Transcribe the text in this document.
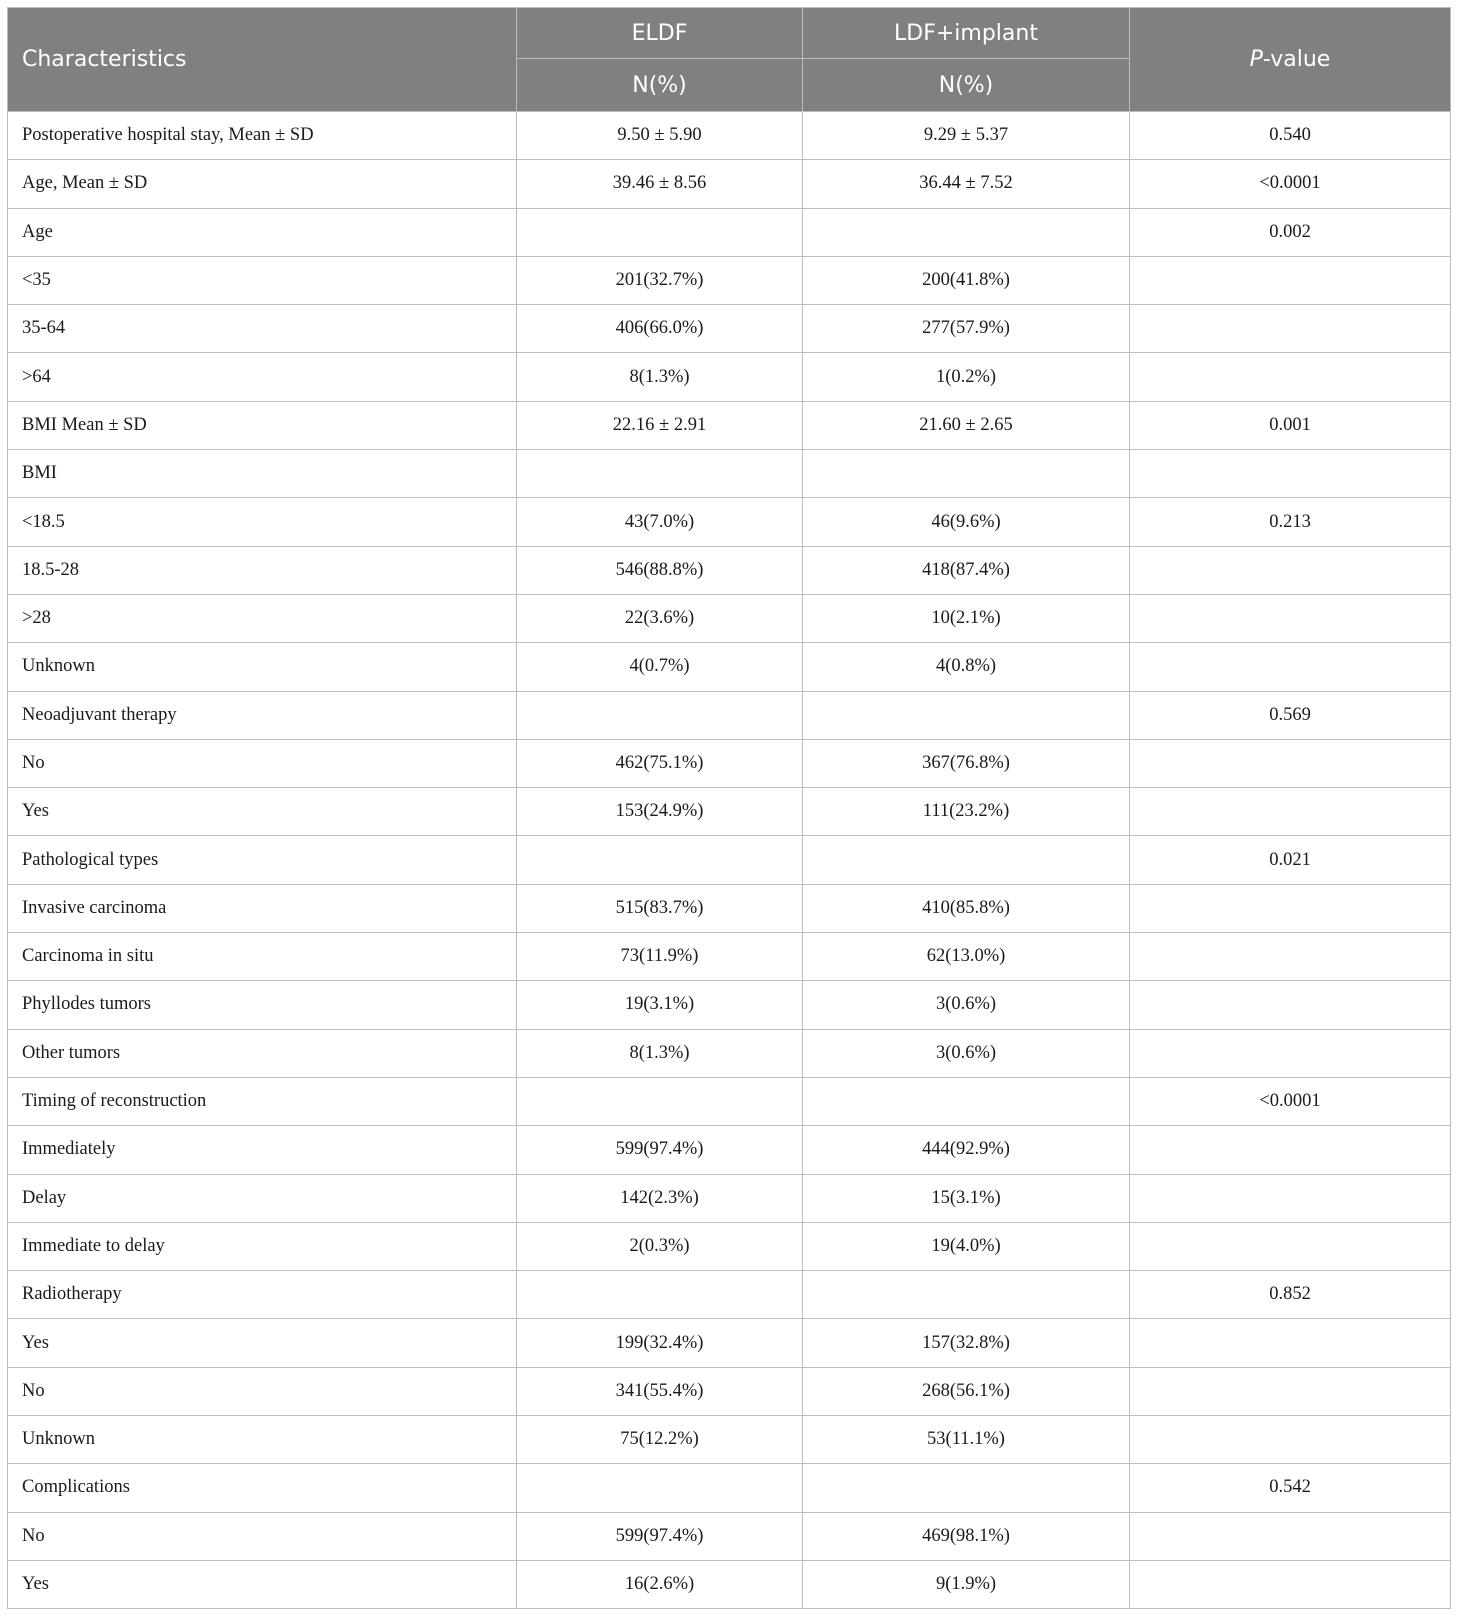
Characteristics	ELDF	LDF+implant	P-value
	N(%)	N(%)	
Postoperative hospital stay, Mean ± SD	9.50 ± 5.90	9.29 ± 5.37	0.540
Age, Mean ± SD	39.46 ± 8.56	36.44 ± 7.52	<0.0001
Age			0.002
<35	201(32.7%)	200(41.8%)	
35-64	406(66.0%)	277(57.9%)	
>64	8(1.3%)	1(0.2%)	
BMI Mean ± SD	22.16 ± 2.91	21.60 ± 2.65	0.001
BMI			
<18.5	43(7.0%)	46(9.6%)	0.213
18.5-28	546(88.8%)	418(87.4%)	
>28	22(3.6%)	10(2.1%)	
Unknown	4(0.7%)	4(0.8%)	
Neoadjuvant therapy			0.569
No	462(75.1%)	367(76.8%)	
Yes	153(24.9%)	111(23.2%)	
Pathological types			0.021
Invasive carcinoma	515(83.7%)	410(85.8%)	
Carcinoma in situ	73(11.9%)	62(13.0%)	
Phyllodes tumors	19(3.1%)	3(0.6%)	
Other tumors	8(1.3%)	3(0.6%)	
Timing of reconstruction			<0.0001
Immediately	599(97.4%)	444(92.9%)	
Delay	142(2.3%)	15(3.1%)	
Immediate to delay	2(0.3%)	19(4.0%)	
Radiotherapy			0.852
Yes	199(32.4%)	157(32.8%)	
No	341(55.4%)	268(56.1%)	
Unknown	75(12.2%)	53(11.1%)	
Complications			0.542
No	599(97.4%)	469(98.1%)	
Yes	16(2.6%)	9(1.9%)	
